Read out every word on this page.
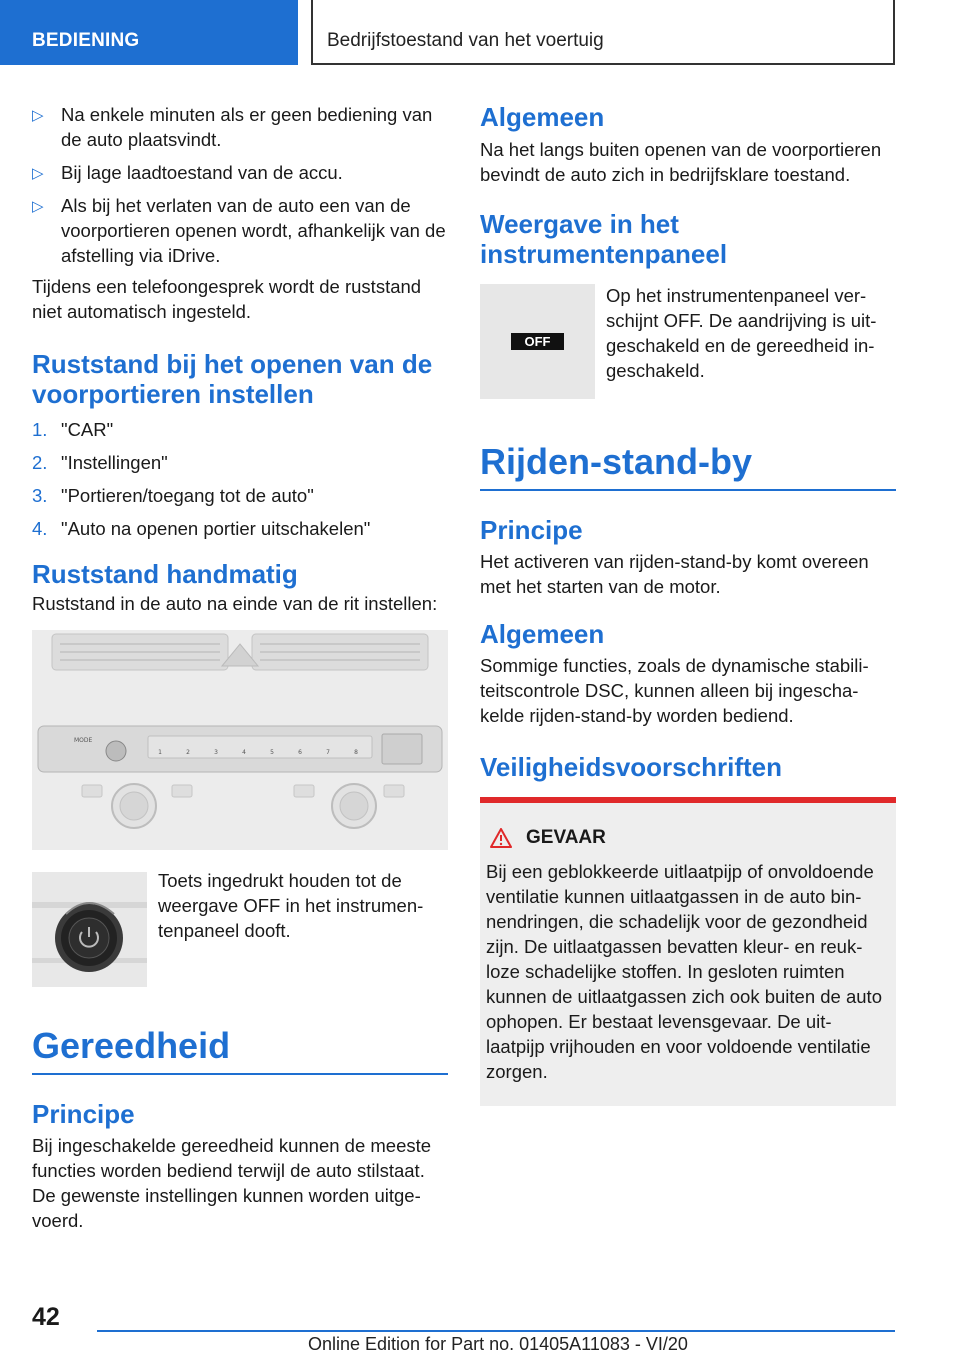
BEDIENING	Bedrijfstoestand van het voertuig
▷ Na enkele minuten als er geen bediening van de auto plaatsvindt.
▷ Bij lage laadtoestand van de accu.
▷ Als bij het verlaten van de auto een van de voorportieren openen wordt, afhankelijk van de afstelling via iDrive.

Tijdens een telefoongesprek wordt de ruststand niet automatisch ingesteld.

Ruststand bij het openen van de voorportieren instellen
1. "CAR"
2. "Instellingen"
3. "Portieren/toegang tot de auto"
4. "Auto na openen portier uitschakelen"
Ruststand handmatig

Ruststand in de auto na einde van de rit instellen:

MODE
1	2	3	4	5	6	7	8

Toets ingedrukt houden tot de weergave OFF in het instrumen-tenpaneel dooft.

Gereedheid
Principe

Bij ingeschakelde gereedheid kunnen de meeste functies worden bediend terwijl de auto stilstaat. De gewenste instellingen kunnen worden uitge-voerd.

Algemeen

Na het langs buiten openen van de voorportieren bevindt de auto zich in bedrijfsklare toestand.

Weergave in het instrumentenpaneel
OFF

Op het instrumentenpaneel ver-schijnt OFF. De aandrijving is uit-geschakeld en de gereedheid in-geschakeld.

Rijden-stand-by
Principe

Het activeren van rijden-stand-by komt overeen met het starten van de motor.

Algemeen

Sommige functies, zoals de dynamische stabili-teitscontrole DSC, kunnen alleen bij ingescha-kelde rijden-stand-by worden bediend.

Veiligheidsvoorschriften
GEVAAR

Bij een geblokkeerde uitlaatpijp of onvoldoende ventilatie kunnen uitlaatgassen in de auto bin-nendringen, die schadelijk voor de gezondheid zijn. De uitlaatgassen bevatten kleur- en reuk-loze schadelijke stoffen. In gesloten ruimten kunnen de uitlaatgassen zich ook buiten de auto ophopen. Er bestaat levensgevaar. De uit-laatpijp vrijhouden en voor voldoende ventilatie zorgen.

42
Online Edition for Part no. 01405A11083 - VI/20
